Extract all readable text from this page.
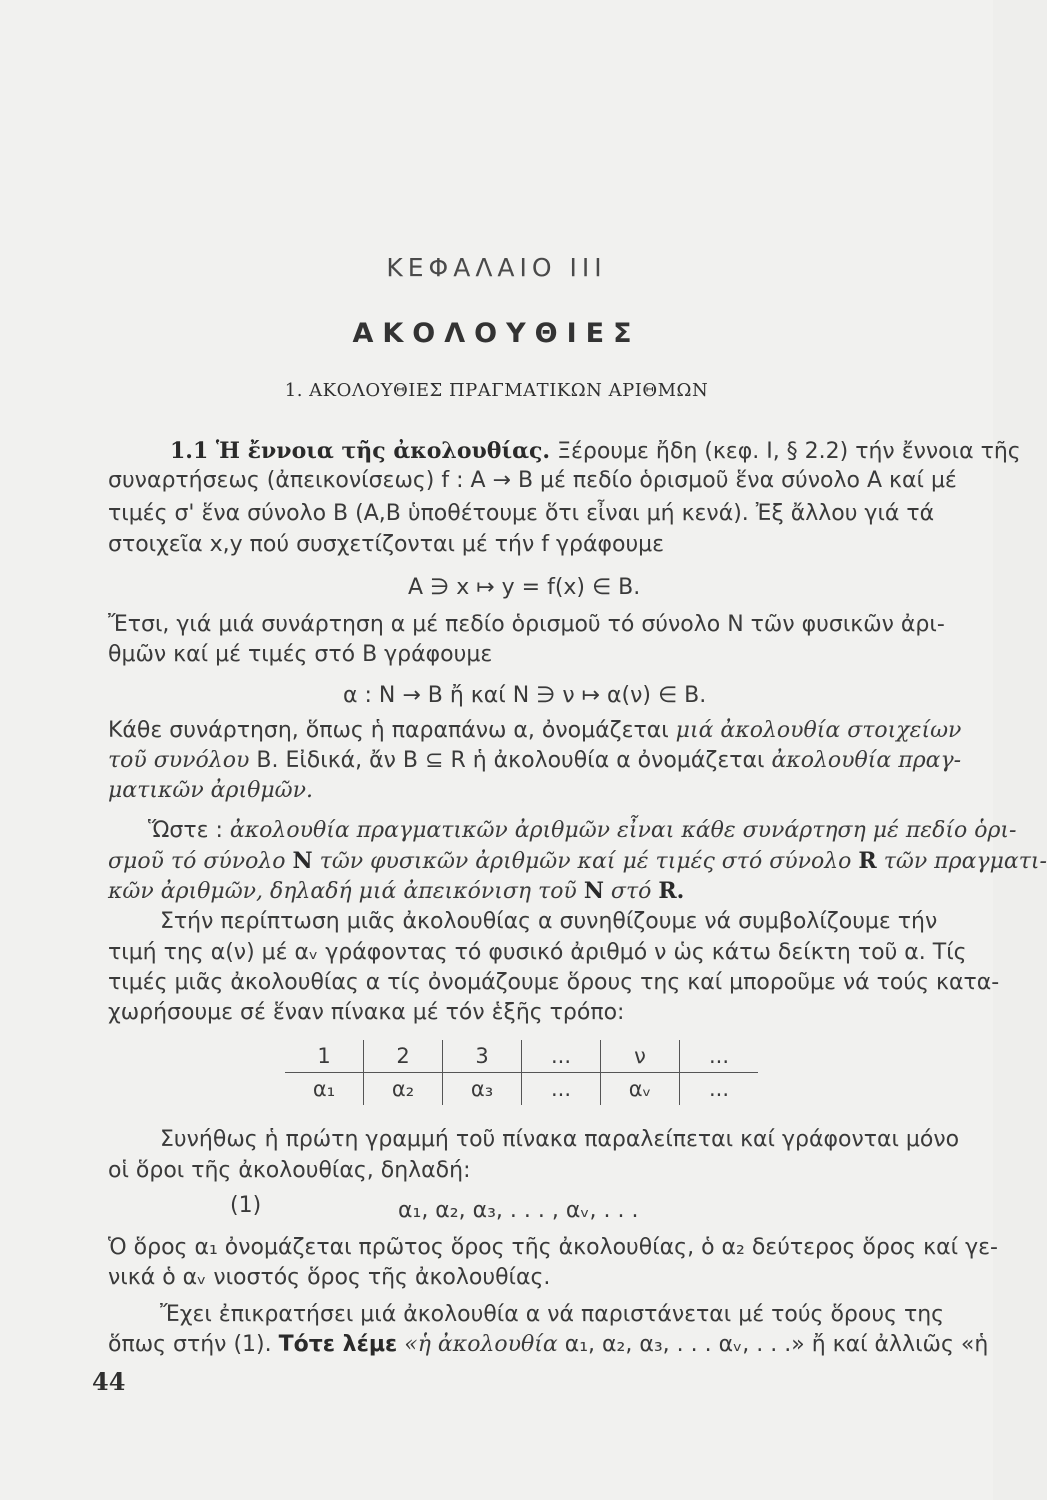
ΚΕΦΑΛΑΙΟ ΙΙΙ
ΑΚΟΛΟΥΘΙΕΣ
1. ΑΚΟΛΟΥΘΙΕΣ ΠΡΑΓΜΑΤΙΚΩΝ ΑΡΙΘΜΩΝ
1.1 Ἡ ἔννοια τῆς ἀκολουθίας. Ξέρουμε ἤδη (κεφ. Ι, § 2.2) τήν ἔννοια τῆς
συναρτήσεως (ἀπεικονίσεως) f : A → B μέ πεδίο ὁρισμοῦ ἕνα σύνολο A καί μέ
τιμές σ' ἕνα σύνολο B (A,B ὑποθέτουμε ὅτι εἶναι μή κενά). Ἐξ ἄλλου γιά τά
στοιχεῖα x,y πού συσχετίζονται μέ τήν f γράφουμε
A ∋ x ↦ y = f(x) ∈ B.
Ἔτσι, γιά μιά συνάρτηση α μέ πεδίο ὁρισμοῦ τό σύνολο N τῶν φυσικῶν ἀρι-
θμῶν καί μέ τιμές στό B γράφουμε
α : N → B ἤ καί N ∋ ν ↦ α(ν) ∈ B.
Κάθε συνάρτηση, ὅπως ἡ παραπάνω α, ὀνομάζεται μιά ἀκολουθία στοιχείων
τοῦ συνόλου B. Εἰδικά, ἄν B ⊆ R ἡ ἀκολουθία α ὀνομάζεται ἀκολουθία πραγ-
ματικῶν ἀριθμῶν.
Ὥστε : ἀκολουθία πραγματικῶν ἀριθμῶν εἶναι κάθε συνάρτηση μέ πεδίο ὁρι-
σμοῦ τό σύνολο N τῶν φυσικῶν ἀριθμῶν καί μέ τιμές στό σύνολο R τῶν πραγματι-
κῶν ἀριθμῶν, δηλαδή μιά ἀπεικόνιση τοῦ N στό R.
Στήν περίπτωση μιᾶς ἀκολουθίας α συνηθίζουμε νά συμβολίζουμε τήν
τιμή της α(ν) μέ αᵥ γράφοντας τό φυσικό ἀριθμό ν ὡς κάτω δείκτη τοῦ α. Τίς
τιμές μιᾶς ἀκολουθίας α τίς ὀνομάζουμε ὅρους της καί μποροῦμε νά τούς κατα-
χωρήσουμε σέ ἕναν πίνακα μέ τόν ἑξῆς τρόπο:
1	2	3	...	ν	...
α₁	α₂	α₃	...	αᵥ	...
Συνήθως ἡ πρώτη γραμμή τοῦ πίνακα παραλείπεται καί γράφονται μόνο
οἱ ὅροι τῆς ἀκολουθίας, δηλαδή:
(1)	α₁, α₂, α₃, . . . , αᵥ, . . .
Ὁ ὅρος α₁ ὀνομάζεται πρῶτος ὅρος τῆς ἀκολουθίας, ὁ α₂ δεύτερος ὅρος καί γε-
νικά ὁ αᵥ νιοστός ὅρος τῆς ἀκολουθίας.
Ἔχει ἐπικρατήσει μιά ἀκολουθία α νά παριστάνεται μέ τούς ὅρους της
ὅπως στήν (1). Τότε λέμε «ἡ ἀκολουθία α₁, α₂, α₃, . . . αᵥ, . . .» ἤ καί ἀλλιῶς «ἡ
44
